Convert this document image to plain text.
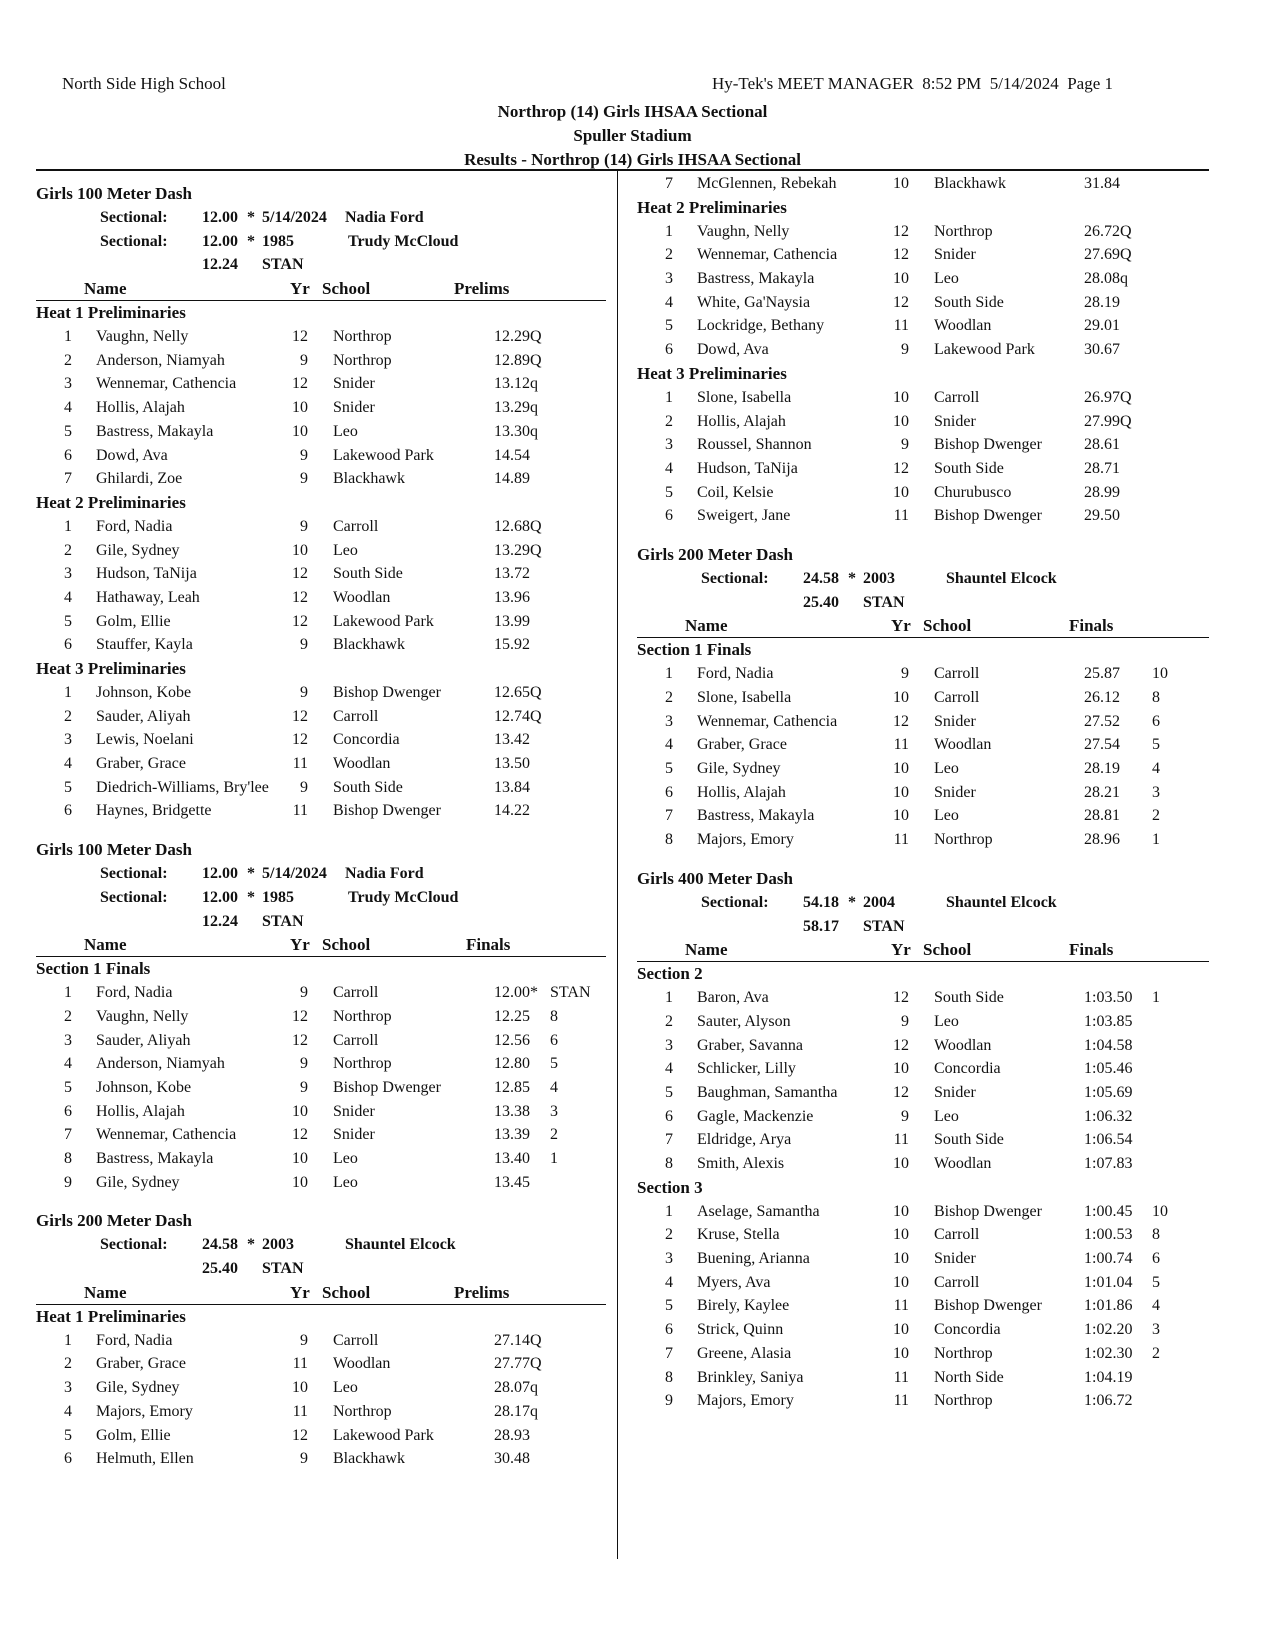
North Side High School	Hy-Tek's MEET MANAGER  8:52 PM  5/14/2024  Page 1
Northrop (14) Girls IHSAA Sectional
Spuller Stadium
Results - Northrop (14) Girls IHSAA Sectional
Girls 100 Meter Dash
Sectional: 12.00 * 5/14/2024 Nadia Ford
Sectional: 12.00 * 1985	Trudy McCloud
12.24 STAN
Name	Yr School	Prelims
Heat 1 Preliminaries
1 Vaughn, Nelly	12 Northrop	12.29Q
2 Anderson, Niamyah	9 Northrop	12.89Q
3 Wennemar, Cathencia	12 Snider	13.12q
4 Hollis, Alajah	10 Snider	13.29q
5 Bastress, Makayla	10 Leo	13.30q
6 Dowd, Ava	9 Lakewood Park	14.54
7 Ghilardi, Zoe	9 Blackhawk	14.89
Heat 2 Preliminaries
1 Ford, Nadia	9 Carroll	12.68Q
2 Gile, Sydney	10 Leo	13.29Q
3 Hudson, TaNija	12 South Side	13.72
4 Hathaway, Leah	12 Woodlan	13.96
5 Golm, Ellie	12 Lakewood Park	13.99
6 Stauffer, Kayla	9 Blackhawk	15.92
Heat 3 Preliminaries
1 Johnson, Kobe	9 Bishop Dwenger	12.65Q
2 Sauder, Aliyah	12 Carroll	12.74Q
3 Lewis, Noelani	12 Concordia	13.42
4 Graber, Grace	11 Woodlan	13.50
5 Diedrich-Williams, Bry'lee	9 South Side	13.84
6 Haynes, Bridgette	11 Bishop Dwenger	14.22
Girls 100 Meter Dash
Sectional: 12.00 * 5/14/2024 Nadia Ford
Sectional: 12.00 * 1985	Trudy McCloud
12.24 STAN
Name	Yr School	Finals
Section 1 Finals
1 Ford, Nadia	9 Carroll	12.00* STAN
2 Vaughn, Nelly	12 Northrop	12.25 8
3 Sauder, Aliyah	12 Carroll	12.56 6
4 Anderson, Niamyah	9 Northrop	12.80 5
5 Johnson, Kobe	9 Bishop Dwenger	12.85 4
6 Hollis, Alajah	10 Snider	13.38 3
7 Wennemar, Cathencia	12 Snider	13.39 2
8 Bastress, Makayla	10 Leo	13.40 1
9 Gile, Sydney	10 Leo	13.45
Girls 200 Meter Dash
Sectional: 24.58 * 2003	Shauntel Elcock
25.40 STAN
Name	Yr School	Prelims
Heat 1 Preliminaries
1 Ford, Nadia	9 Carroll	27.14Q
2 Graber, Grace	11 Woodlan	27.77Q
3 Gile, Sydney	10 Leo	28.07q
4 Majors, Emory	11 Northrop	28.17q
5 Golm, Ellie	12 Lakewood Park	28.93
6 Helmuth, Ellen	9 Blackhawk	30.48
7 McGlennen, Rebekah	10 Blackhawk	31.84
Heat 2 Preliminaries
1 Vaughn, Nelly	12 Northrop	26.72Q
2 Wennemar, Cathencia	12 Snider	27.69Q
3 Bastress, Makayla	10 Leo	28.08q
4 White, Ga'Naysia	12 South Side	28.19
5 Lockridge, Bethany	11 Woodlan	29.01
6 Dowd, Ava	9 Lakewood Park	30.67
Heat 3 Preliminaries
1 Slone, Isabella	10 Carroll	26.97Q
2 Hollis, Alajah	10 Snider	27.99Q
3 Roussel, Shannon	9 Bishop Dwenger	28.61
4 Hudson, TaNija	12 South Side	28.71
5 Coil, Kelsie	10 Churubusco	28.99
6 Sweigert, Jane	11 Bishop Dwenger	29.50
Girls 200 Meter Dash
Sectional: 24.58 * 2003	Shauntel Elcock
25.40 STAN
Name	Yr School	Finals
Section 1 Finals
1 Ford, Nadia	9 Carroll	25.87 10
2 Slone, Isabella	10 Carroll	26.12 8
3 Wennemar, Cathencia	12 Snider	27.52 6
4 Graber, Grace	11 Woodlan	27.54 5
5 Gile, Sydney	10 Leo	28.19 4
6 Hollis, Alajah	10 Snider	28.21 3
7 Bastress, Makayla	10 Leo	28.81 2
8 Majors, Emory	11 Northrop	28.96 1
Girls 400 Meter Dash
Sectional: 54.18 * 2004	Shauntel Elcock
58.17 STAN
Name	Yr School	Finals
Section 2
1 Baron, Ava	12 South Side	1:03.50 1
2 Sauter, Alyson	9 Leo	1:03.85
3 Graber, Savanna	12 Woodlan	1:04.58
4 Schlicker, Lilly	10 Concordia	1:05.46
5 Baughman, Samantha	12 Snider	1:05.69
6 Gagle, Mackenzie	9 Leo	1:06.32
7 Eldridge, Arya	11 South Side	1:06.54
8 Smith, Alexis	10 Woodlan	1:07.83
Section 3
1 Aselage, Samantha	10 Bishop Dwenger	1:00.45 10
2 Kruse, Stella	10 Carroll	1:00.53 8
3 Buening, Arianna	10 Snider	1:00.74 6
4 Myers, Ava	10 Carroll	1:01.04 5
5 Birely, Kaylee	11 Bishop Dwenger	1:01.86 4
6 Strick, Quinn	10 Concordia	1:02.20 3
7 Greene, Alasia	10 Northrop	1:02.30 2
8 Brinkley, Saniya	11 North Side	1:04.19
9 Majors, Emory	11 Northrop	1:06.72
